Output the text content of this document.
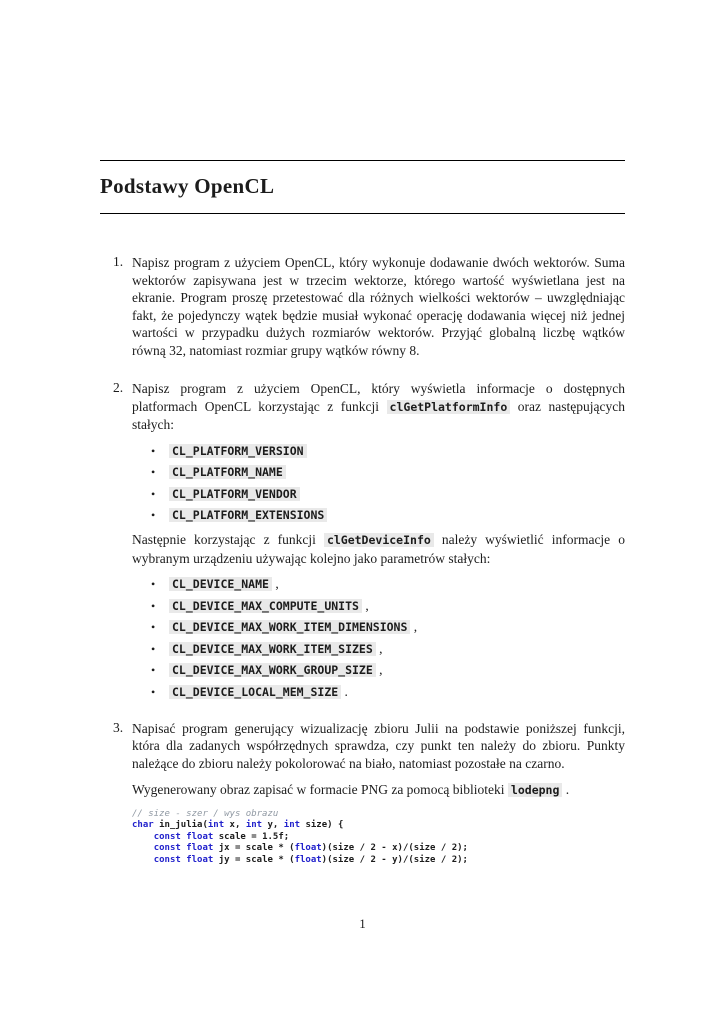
Podstawy OpenCL
1. Napisz program z użyciem OpenCL, który wykonuje dodawanie dwóch wektorów. Suma wektorów zapisywana jest w trzecim wektorze, którego wartość wyświetlana jest na ekranie. Program proszę przetestować dla różnych wielkości wektorów – uwzględniając fakt, że pojedynczy wątek będzie musiał wykonać operację dodawania więcej niż jednej wartości w przypadku dużych rozmiarów wektorów. Przyjąć globalną liczbę wątków równą 32, natomiast rozmiar grupy wątków równy 8.
2. Napisz program z użyciem OpenCL, który wyświetla informacje o dostępnych platformach OpenCL korzystając z funkcji clGetPlatformInfo oraz następujących stałych:
•	CL_PLATFORM_VERSION
•	CL_PLATFORM_NAME
•	CL_PLATFORM_VENDOR
•	CL_PLATFORM_EXTENSIONS
Następnie korzystając z funkcji clGetDeviceInfo należy wyświetlić informacje o wybranym urządzeniu używając kolejno jako parametrów stałych:
•	CL_DEVICE_NAME ,
•	CL_DEVICE_MAX_COMPUTE_UNITS ,
•	CL_DEVICE_MAX_WORK_ITEM_DIMENSIONS ,
•	CL_DEVICE_MAX_WORK_ITEM_SIZES ,
•	CL_DEVICE_MAX_WORK_GROUP_SIZE ,
•	CL_DEVICE_LOCAL_MEM_SIZE .
3. Napisać program generujący wizualizację zbioru Julii na podstawie poniższej funkcji, która dla zadanych współrzędnych sprawdza, czy punkt ten należy do zbioru. Punkty należące do zbioru należy pokolorować na biało, natomiast pozostałe na czarno.
Wygenerowany obraz zapisać w formacie PNG za pomocą biblioteki lodepng .
// size - szer / wys obrazu
char in_julia(int x, int y, int size) {
const float scale = 1.5f;
const float jx = scale * (float)(size / 2 - x)/(size / 2);
const float jy = scale * (float)(size / 2 - y)/(size / 2);
1
